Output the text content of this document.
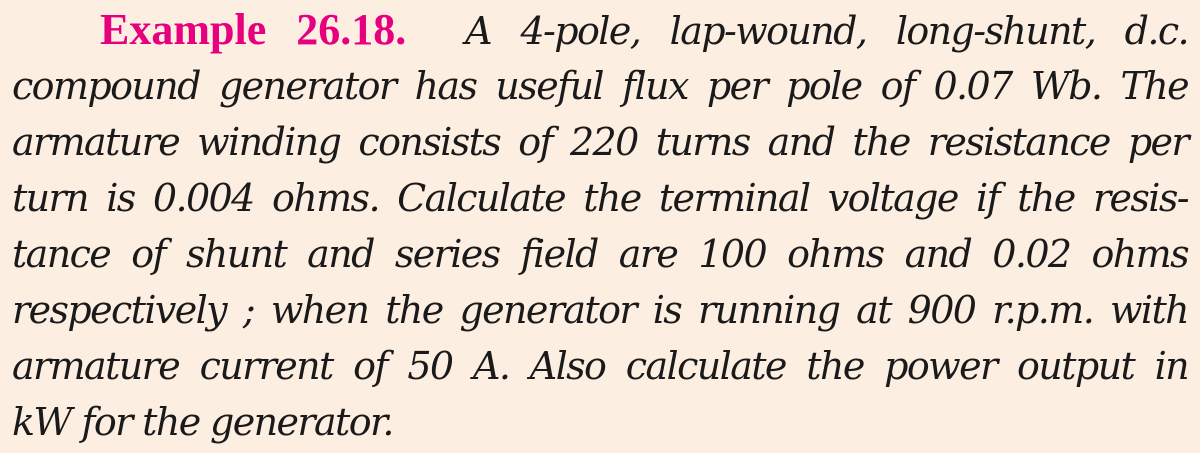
Example 26.18. A 4-pole, lap-wound, long-shunt, d.c.
compound generator has useful flux per pole of 0.07 Wb. The
armature winding consists of 220 turns and the resistance per
turn is 0.004 ohms. Calculate the terminal voltage if the resis-
tance of shunt and series field are 100 ohms and 0.02 ohms
respectively ; when the generator is running at 900 r.p.m. with
armature current of 50 A. Also calculate the power output in
kW for the generator.
